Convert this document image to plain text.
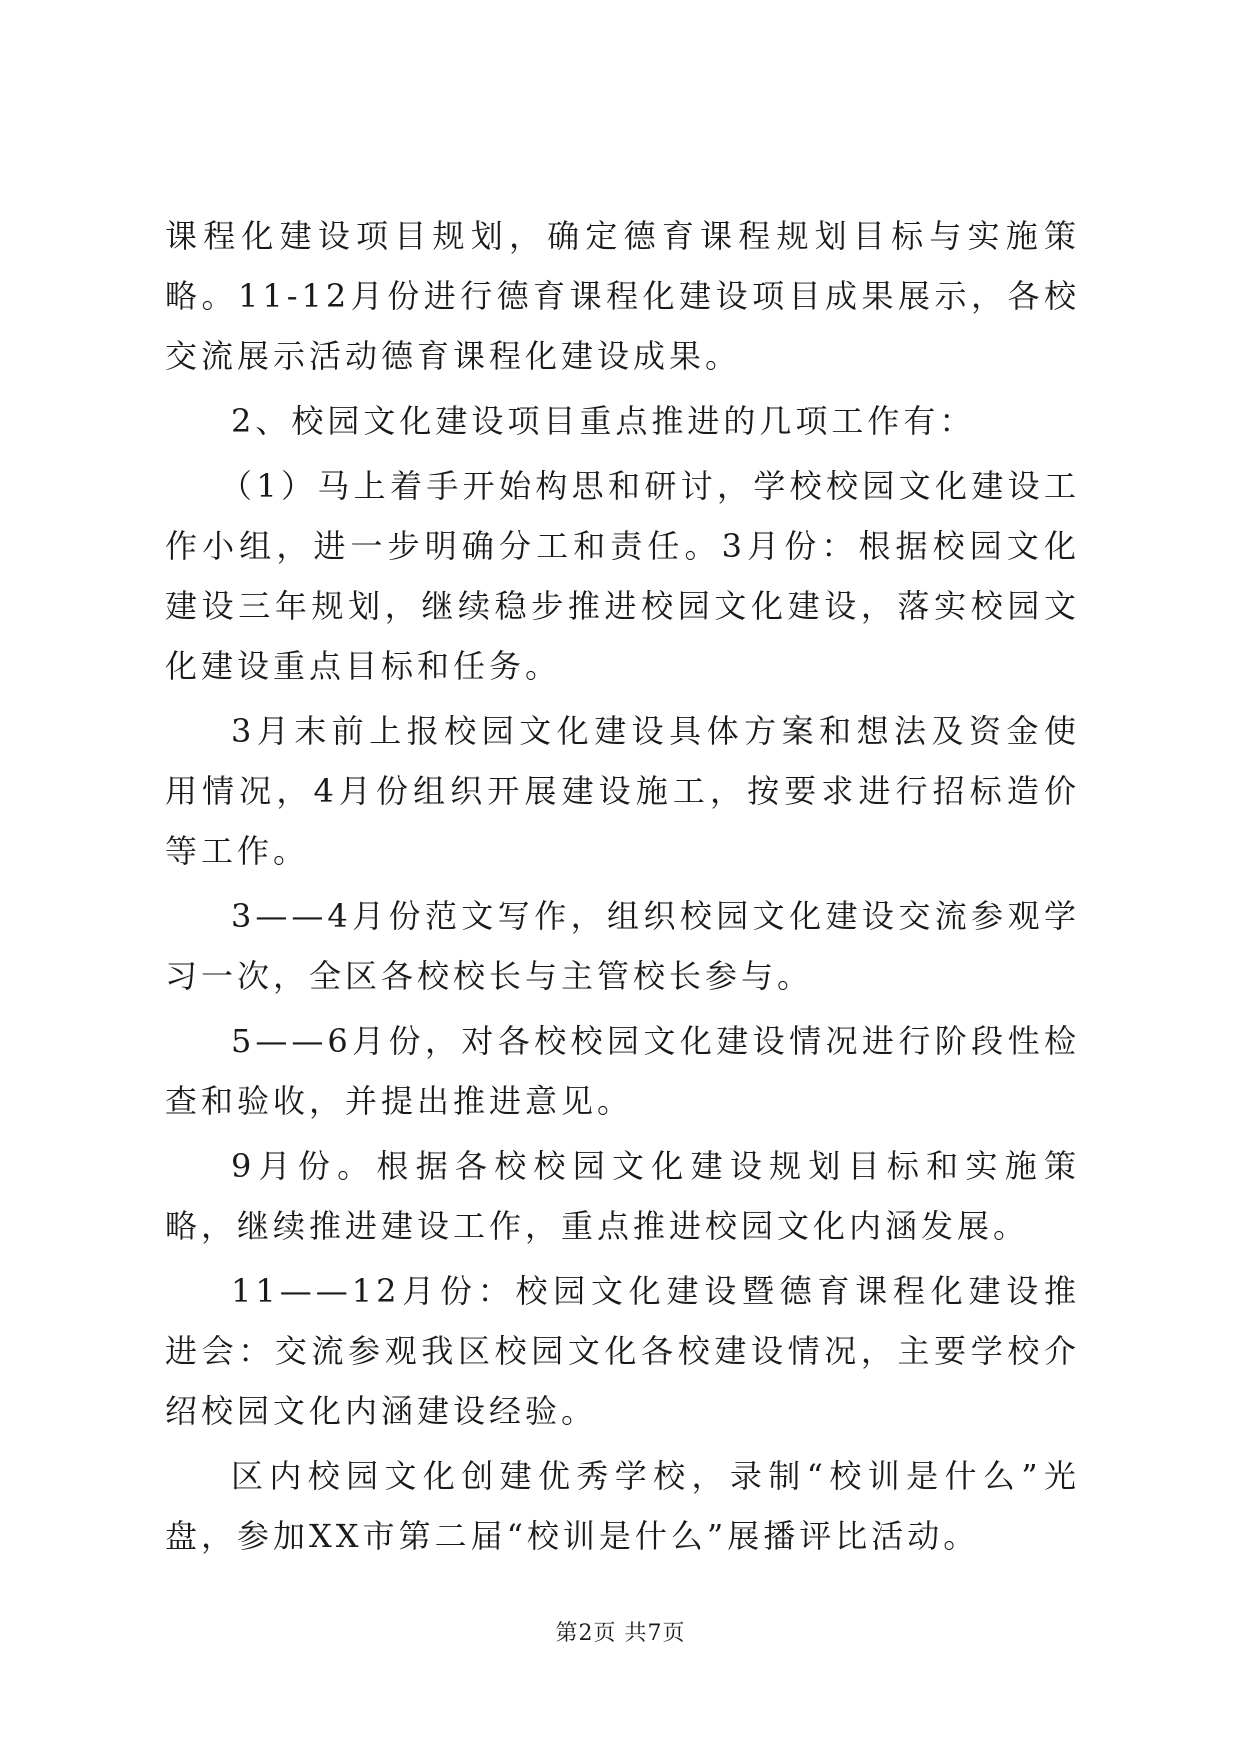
课程化建设项目规划，确定德育课程规划目标与实施策略。11-12月份进行德育课程化建设项目成果展示，各校交流展示活动德育课程化建设成果。

2、校园文化建设项目重点推进的几项工作有：

（1）马上着手开始构思和研讨，学校校园文化建设工作小组，进一步明确分工和责任。3月份：根据校园文化建设三年规划，继续稳步推进校园文化建设，落实校园文化建设重点目标和任务。

3月末前上报校园文化建设具体方案和想法及资金使用情况，4月份组织开展建设施工，按要求进行招标造价等工作。

3——4月份范文写作，组织校园文化建设交流参观学习一次，全区各校校长与主管校长参与。

5——6月份，对各校校园文化建设情况进行阶段性检查和验收，并提出推进意见。

9月份。根据各校校园文化建设规划目标和实施策略，继续推进建设工作，重点推进校园文化内涵发展。

11——12月份：校园文化建设暨德育课程化建设推进会：交流参观我区校园文化各校建设情况，主要学校介绍校园文化内涵建设经验。

区内校园文化创建优秀学校，录制“校训是什么”光盘，参加XX市第二届“校训是什么”展播评比活动。

第2页 共7页
